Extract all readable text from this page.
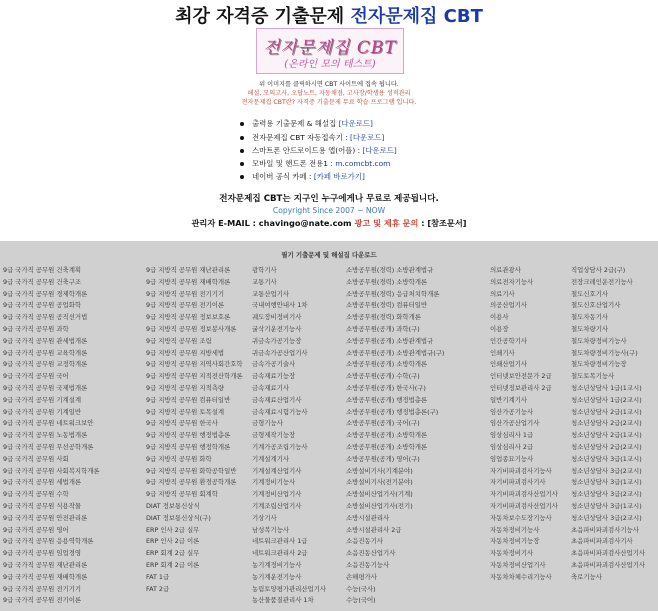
최강 자격증 기출문제 전자문제집 CBT
전자문제집 CBT
(온라인 모의 테스트)
위 이미지를 클릭하시면 CBT 사이트에 접속 됩니다.
해설, 모의고사, 오답노트, 자동채점, 고사장/학생용 성적관리
전자문제집 CBT란? 자격증 기출문제 무료 학습 프로그램 입니다.
출력용 기출문제 & 해설집 [다운로드]
전자문제집 CBT 자동접속기 : [다운로드]
스마트폰 안드로이드용 앱(어플) : [다운로드]
모바일 및 핸드폰 전용1 : m.comcbt.com
네이버 공식 카페 : [카페 바로가기]
전자문제집 CBT는 지구인 누구에게나 무료로 제공됩니다.
Copyright Since 2007 ~ NOW
관리자 E-MAIL : chavingo@nate.com 광고 및 제휴 문의 : [참조문서]
필기 기출문제 및 해설집 다운로드
9급 국가직 공무원 건축계획
9급 국가직 공무원 건축구조
9급 국가직 공무원 경제학개론
9급 국가직 공무원 공업화학
9급 국가직 공무원 공직선거법
9급 국가직 공무원 과학
9급 국가직 공무원 관세법개론
9급 국가직 공무원 교육학개론
9급 국가직 공무원 교정학개론
9급 국가직 공무원 국어
9급 국가직 공무원 국제법개론
9급 국가직 공무원 기계설계
9급 국가직 공무원 기계일반
9급 국가직 공무원 네트워크보안
9급 국가직 공무원 노동법개론
9급 국가직 공무원 무선공학개론
9급 국가직 공무원 사회
9급 국가직 공무원 사회복지학개론
9급 국가직 공무원 세법개론
9급 국가직 공무원 수학
9급 국가직 공무원 식용작물
9급 국가직 공무원 안전관리론
9급 국가직 공무원 영어
9급 국가직 공무원 응용역학개론
9급 국가직 공무원 임업경영
9급 국가직 공무원 재난관리론
9급 국가직 공무원 재배학개론
9급 국가직 공무원 전기기기
9급 국가직 공무원 전기이론
9급 지방직 공무원 재난관리론
9급 지방직 공무원 재배학개론
9급 지방직 공무원 전기기기
9급 지방직 공무원 전기이론
9급 지방직 공무원 정보보호론
9급 지방직 공무원 정보봉사개론
9급 지방직 공무원 조림
9급 지방직 공무원 지방세법
9급 지방직 공무원 지역사회간호학
9급 지방직 공무원 지적전산학개론
9급 지방직 공무원 지적측량
9급 지방직 공무원 컴퓨터일반
9급 지방직 공무원 토목설계
9급 지방직 공무원 한국사
9급 지방직 공무원 행정법총론
9급 지방직 공무원 행정학개론
9급 지방직 공무원 화학
9급 지방직 공무원 화학공학일반
9급 지방직 공무원 환경공학개론
9급 지방직 공무원 회계학
DIAT 정보통신상식
DIAT 정보통신상식(구)
ERP 인사 2급 실무
ERP 인사 2급 이론
ERP 회계 2급 실무
ERP 회계 2급 이론
FAT 1급
FAT 2급
광학기사
교통기사
교통산업기사
국내여행안내사 1차
궤도장비정비기사
굴삭기운전기능사
귀금속가공기능장
귀금속가공산업기사
금속가공기술사
금속재료기능장
금속재료기사
금속재료산업기사
금속재료시험기능사
금형기능사
금형제작기능장
기계가공조립기능사
기계설계기사
기계설계산업기사
기계정비기능사
기계정비산업기사
기계조립산업기사
기상기사
남성복기능사
네트워크관리사 1급
네트워크관리사 2급
농기계정비기능사
농기계운전기능사
농림토양평가관리산업기사
농산물품질관리사 1차
소방공무원(경력) 소방관계법규
소방공무원(경력) 소방학개론
소방공무원(경력) 응급처치학개론
소방공무원(경력) 컴퓨터일반
소방공무원(경력) 화학개론
소방공무원(공개) 과학(구)
소방공무원(공개) 소방관계법규
소방공무원(공개) 소방관계법규(구)
소방공무원(공개) 소방학개론
소방공무원(공개) 수학(구)
소방공무원(공개) 한국사(구)
소방공무원(공개) 행정법총론
소방공무원(공개) 행정법총론(구)
소방공무원(공개) 국어(구)
소방공무원(공개) 소방학개론
소방공무원(공개) 소방학개론
소방공무원(공개) 영어(구)
소방설비기사(기계분야)
소방설비기사(전기분야)
소방설비산업기사(기계)
소방설비산업기사(전기)
소방시설관리사
소방시설관리사 2급
소음진동기사
소음진동산업기사
소음진동기능사
손해평가사
수능(국사)
수능(국어)
의료관광사
의료전자기능사
의료기사
의공산업기사
이용사
이용장
인간공학기사
인쇄기사
인쇄산업기사
인터넷보안전문가 2급
인터넷정보관리사 2급
일반기계기사
임산가공기능사
임산가공산업기사
임상심리사 1급
임상심리사 2급
임업종묘기능사
자기비파괴검사기능사
자기비파괴검사기사
자기비파괴검사산업기사
자기비파괴검사산업기사
자동차보수도장기능사
자동차정비기능사
자동차정비기능장
자동차정비기사
자동차정비산업기사
자동차차체수리기능사
직업상담사 2급(구)
전장크레인운전기능사
철도신호기사
철도신호산업기사
철도자동기사
철도차량기사
철도차량정비기능사
철도차량정비기능사(구)
철도차량정비기능장
철도토목기능사
청소년상담사 1급(1교시)
청소년상담사 1급(2교시)
청소년상담사 2급(1교시)
청소년상담사 2급(2교시)
청소년상담사 2급(1교시)
청소년상담사 2급(2교시)
청소년상담사 3급(1교시)
청소년상담사 3급(2교시)
청소년상담사 3급(1교시)
청소년상담사 3급(2교시)
청소년상담사 3급(1교시)
청소년상담사 3급(2교시)
초음파비파괴검사기능사
초음파비파괴검사기사
초음파비파괴검사산업기사
초음파비파괴검사산업기사
축로기능사
